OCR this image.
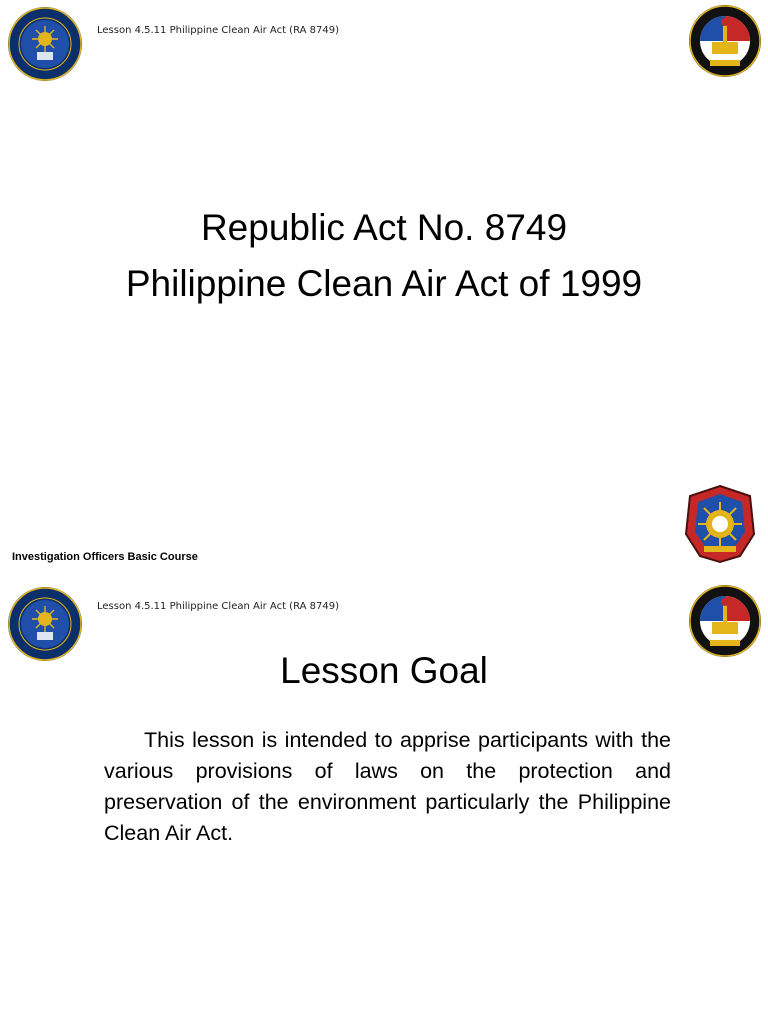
Lesson 4.5.11 Philippine Clean Air Act (RA 8749)
Republic Act No. 8749
Philippine Clean Air Act of 1999
Investigation Officers Basic Course
Lesson 4.5.11 Philippine Clean Air Act (RA 8749)
Lesson Goal
This lesson is intended to apprise participants with the various provisions of laws on the protection and preservation of the environment particularly the Philippine Clean Air Act.
